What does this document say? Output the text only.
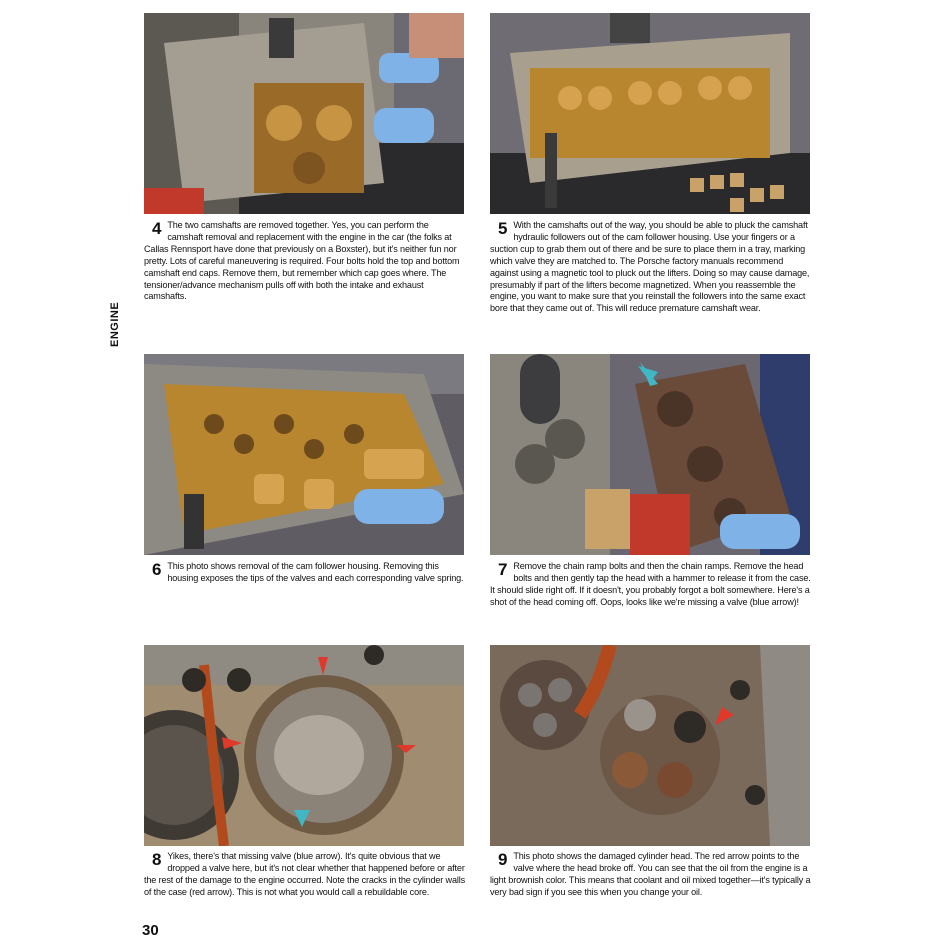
ENGINE
4 The two camshafts are removed together. Yes, you can perform the camshaft removal and replacement with the engine in the car (the folks at Callas Rennsport have done that previously on a Boxster), but it's neither fun nor pretty. Lots of careful maneuvering is required. Four bolts hold the top and bottom camshaft end caps. Remove them, but remember which cap goes where. The tensioner/advance mechanism pulls off with both the intake and exhaust camshafts.
5 With the camshafts out of the way, you should be able to pluck the camshaft hydraulic followers out of the cam follower housing. Use your fingers or a suction cup to grab them out of there and be sure to place them in a tray, marking which valve they are matched to. The Porsche factory manuals recommend against using a magnetic tool to pluck out the lifters. Doing so may cause damage, presumably if part of the lifters become magnetized. When you reassemble the engine, you want to make sure that you reinstall the followers into the same exact bore that they came out of. This will reduce premature camshaft wear.
6 This photo shows removal of the cam follower housing. Removing this housing exposes the tips of the valves and each corresponding valve spring. 7 Remove the chain ramp bolts and then the chain ramps. Remove the head bolts and then gently tap the head with a hammer to release it from the case. It should slide right off. If it doesn't, you probably forgot a bolt somewhere. Here's a shot of the head coming off. Oops, looks like we're missing a valve (blue arrow)!
8 Yikes, there's that missing valve (blue arrow). It's quite obvious that we dropped a valve here, but it's not clear whether that happened before or after the rest of the damage to the engine occurred. Note the cracks in the cylinder walls of the case (red arrow). This is not what you would call a rebuildable core.
9 This photo shows the damaged cylinder head. The red arrow points to the valve where the head broke off. You can see that the oil from the engine is a light brownish color. This means that coolant and oil mixed together—it's typically a very bad sign if you see this when you change your oil.
30
